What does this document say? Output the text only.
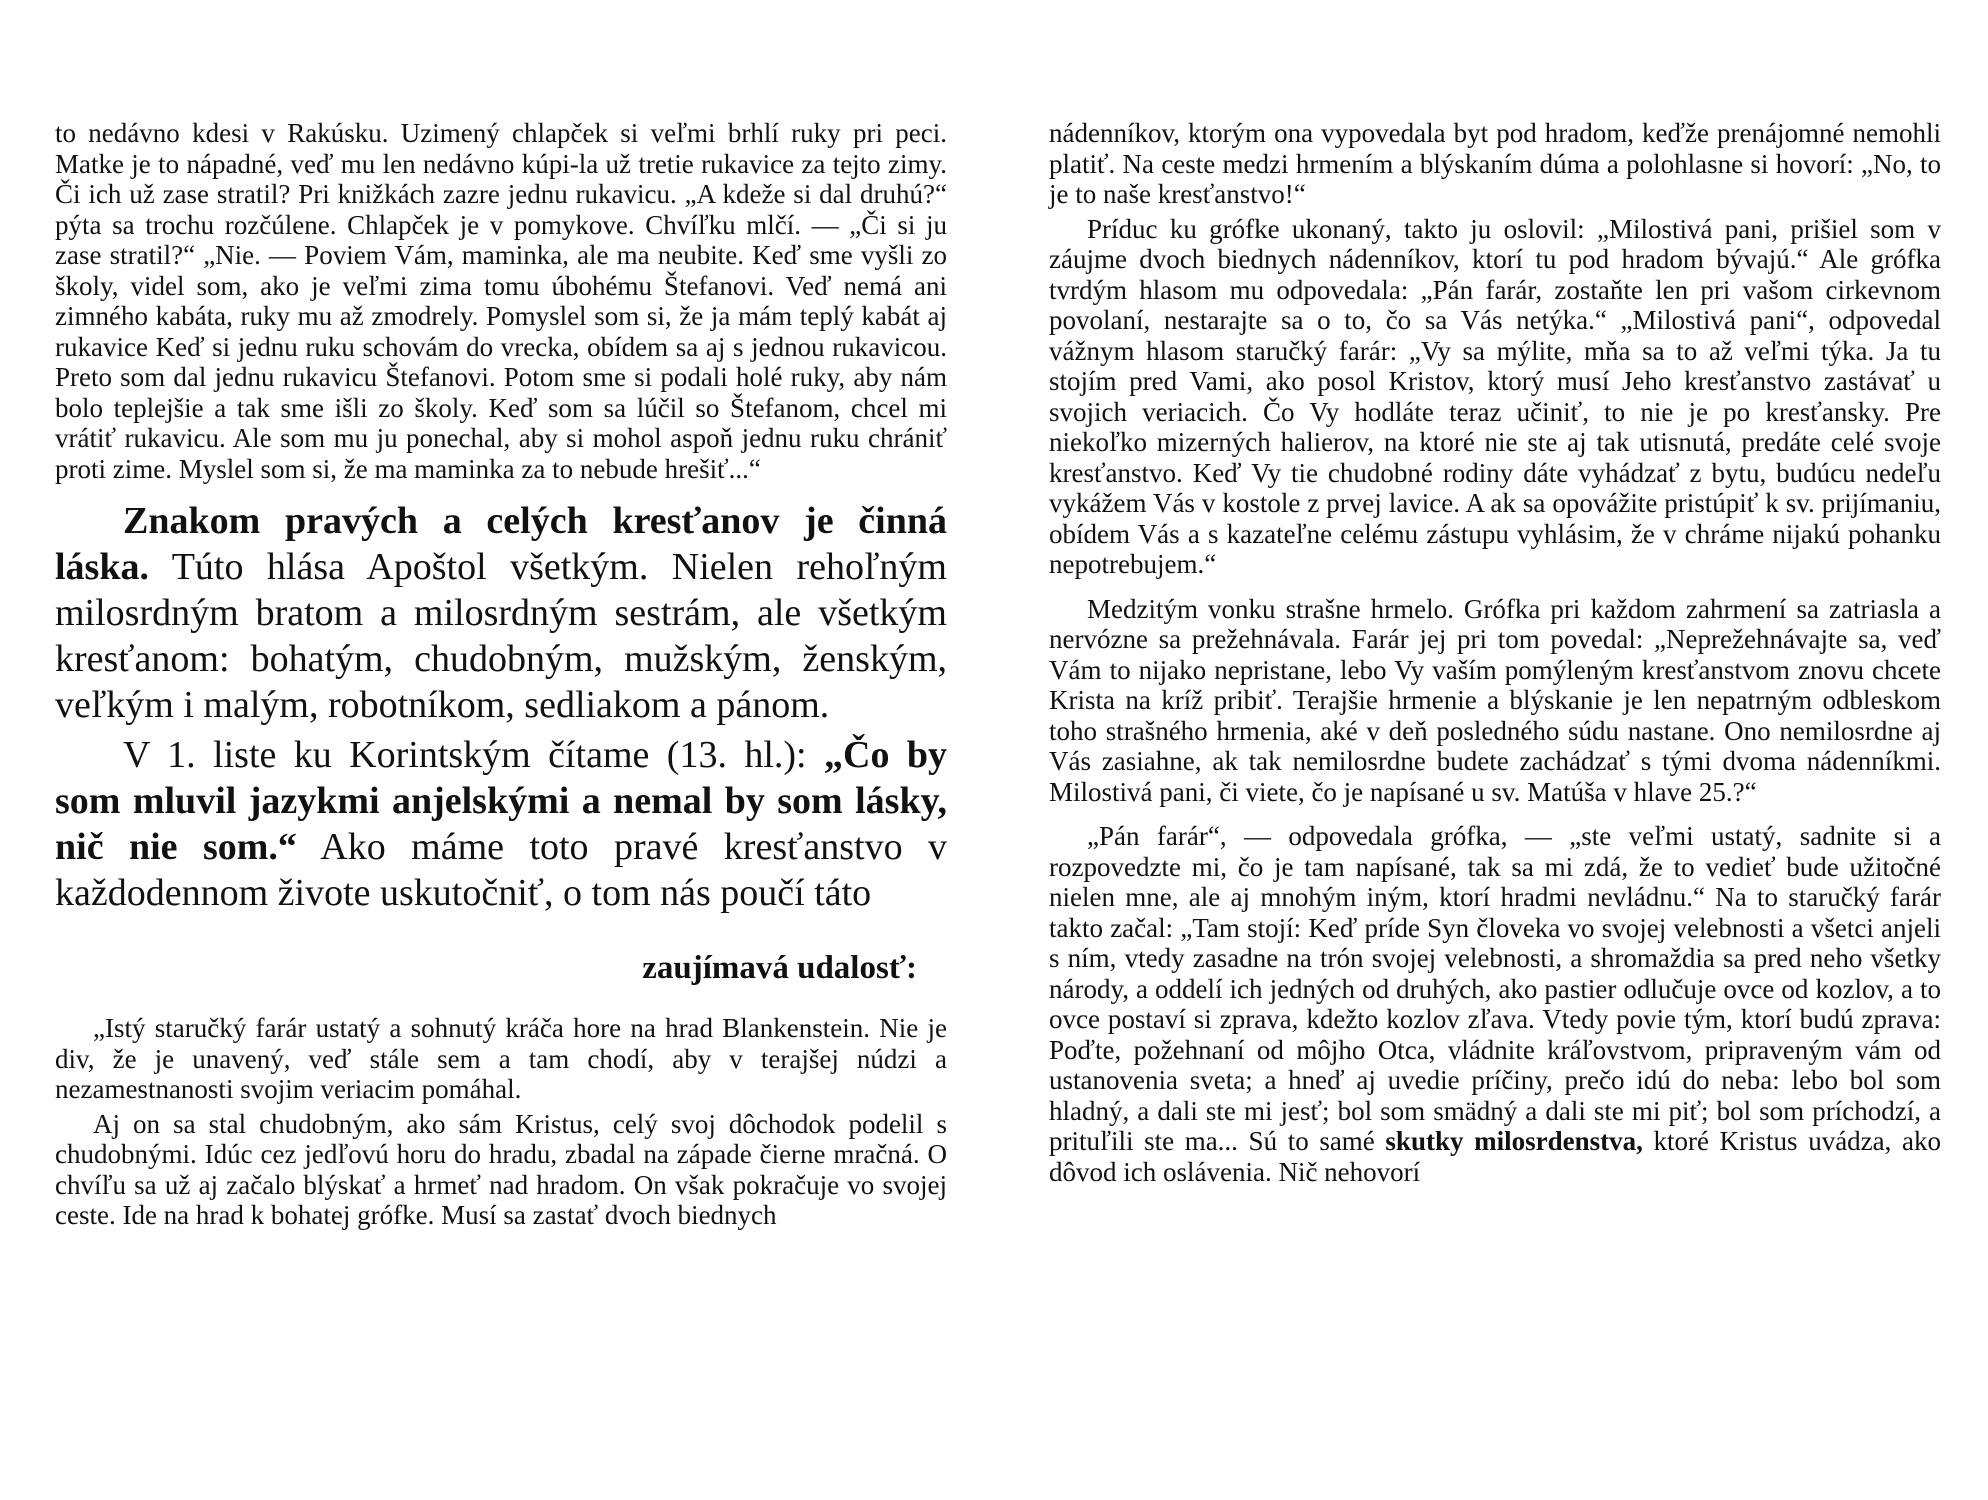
to nedávno kdesi v Rakúsku. Uzimený chlapček si veľmi brhlí ruky pri peci. Matke je to nápadné, veď mu len nedávno kúpi-la už tretie rukavice za tejto zimy. Či ich už zase stratil? Pri knižkách zazre jednu rukavicu. „A kdeže si dal druhú?“ pýta sa trochu rozčúlene. Chlapček je v pomykove. Chvíľku mlčí. — „Či si ju zase stratil?“ „Nie. — Poviem Vám, maminka, ale ma neubite. Keď sme vyšli zo školy, videl som, ako je veľmi zima tomu úbohému Štefanovi. Veď nemá ani zimného kabáta, ruky mu až zmodrely. Pomyslel som si, že ja mám teplý kabát aj rukavice Keď si jednu ruku schovám do vrecka, obídem sa aj s jednou rukavicou. Preto som dal jednu rukavicu Štefanovi. Potom sme si podali holé ruky, aby nám bolo teplejšie a tak sme išli zo školy. Keď som sa lúčil so Štefanom, chcel mi vrátiť rukavicu. Ale som mu ju ponechal, aby si mohol aspoň jednu ruku chrániť proti zime. Myslel som si, že ma maminka za to nebude hrešiť...“

Znakom pravých a celých kresťanov je činná láska. Túto hlása Apoštol všetkým. Nielen rehoľným milosrdným bratom a milosrdným sestrám, ale všetkým kresťanom: bohatým, chudobným, mužským, ženským, veľkým i malým, robotníkom, sedliakom a pánom.

V 1. liste ku Korintským čítame (13. hl.): „Čo by som mluvil jazykmi anjelskými a nemal by som lásky, nič nie som.“ Ako máme toto pravé kresťanstvo v každodennom živote uskutočniť, o tom nás poučí táto

zaujímavá udalosť:

„Istý staručký farár ustatý a sohnutý kráča hore na hrad Blankenstein. Nie je div, že je unavený, veď stále sem a tam chodí, aby v terajšej núdzi a nezamestnanosti svojim veriacim pomáhal.

Aj on sa stal chudobným, ako sám Kristus, celý svoj dôchodok podelil s chudobnými. Idúc cez jedľovú horu do hradu, zbadal na západe čierne mračná. O chvíľu sa už aj začalo blýskať a hrmeť nad hradom. On však pokračuje vo svojej ceste. Ide na hrad k bohatej grófke. Musí sa zastať dvoch biednych

nádenníkov, ktorým ona vypovedala byt pod hradom, keďže prenájomné nemohli platiť. Na ceste medzi hrmením a blýskaním dúma a polohlasne si hovorí: „No, to je to naše kresťanstvo!“

Príduc ku grófke ukonaný, takto ju oslovil: „Milostivá pani, prišiel som v záujme dvoch biednych nádenníkov, ktorí tu pod hradom bývajú.“ Ale grófka tvrdým hlasom mu odpovedala: „Pán farár, zostaňte len pri vašom cirkevnom povolaní, nestarajte sa o to, čo sa Vás netýka.“ „Milostivá pani“, odpovedal vážnym hlasom staručký farár: „Vy sa mýlite, mňa sa to až veľmi týka. Ja tu stojím pred Vami, ako posol Kristov, ktorý musí Jeho kresťanstvo zastávať u svojich veriacich. Čo Vy hodláte teraz učiniť, to nie je po kresťansky. Pre niekoľko mizerných halierov, na ktoré nie ste aj tak utisnutá, predáte celé svoje kresťanstvo. Keď Vy tie chudobné rodiny dáte vyhádzať z bytu, budúcu nedeľu vykážem Vás v kostole z prvej lavice. A ak sa opovážite pristúpiť k sv. prijímaniu, obídem Vás a s kazateľne celému zástupu vyhlásim, že v chráme nijakú pohanku nepotrebujem.“

Medzitým vonku strašne hrmelo. Grófka pri každom zahrmení sa zatriasla a nervózne sa prežehnávala. Farár jej pri tom povedal: „Neprežehnávajte sa, veď Vám to nijako nepristane, lebo Vy vaším pomýleným kresťanstvom znovu chcete Krista na kríž pribiť. Terajšie hrmenie a blýskanie je len nepatrným odbleskom toho strašného hrmenia, aké v deň posledného súdu nastane. Ono nemilosrdne aj Vás zasiahne, ak tak nemilosrdne budete zachádzať s tými dvoma nádenníkmi. Milostivá pani, či viete, čo je napísané u sv. Matúša v hlave 25.?“

„Pán farár“, — odpovedala grófka, — „ste veľmi ustatý, sadnite si a rozpovedzte mi, čo je tam napísané, tak sa mi zdá, že to vedieť bude užitočné nielen mne, ale aj mnohým iným, ktorí hradmi nevládnu.“ Na to staručký farár takto začal: „Tam stojí: Keď príde Syn človeka vo svojej velebnosti a všetci anjeli s ním, vtedy zasadne na trón svojej velebnosti, a shromaždia sa pred neho všetky národy, a oddelí ich jedných od druhých, ako pastier odlučuje ovce od kozlov, a to ovce postaví si zprava, kdežto kozlov zľava. Vtedy povie tým, ktorí budú zprava: Poďte, požehnaní od môjho Otca, vládnite kráľovstvom, pripraveným vám od ustanovenia sveta; a hneď aj uvedie príčiny, prečo idú do neba: lebo bol som hladný, a dali ste mi jesť; bol som smädný a dali ste mi piť; bol som príchodzí, a prituľili ste ma... Sú to samé skutky milosrdenstva, ktoré Kristus uvádza, ako dôvod ich oslávenia. Nič nehovorí
